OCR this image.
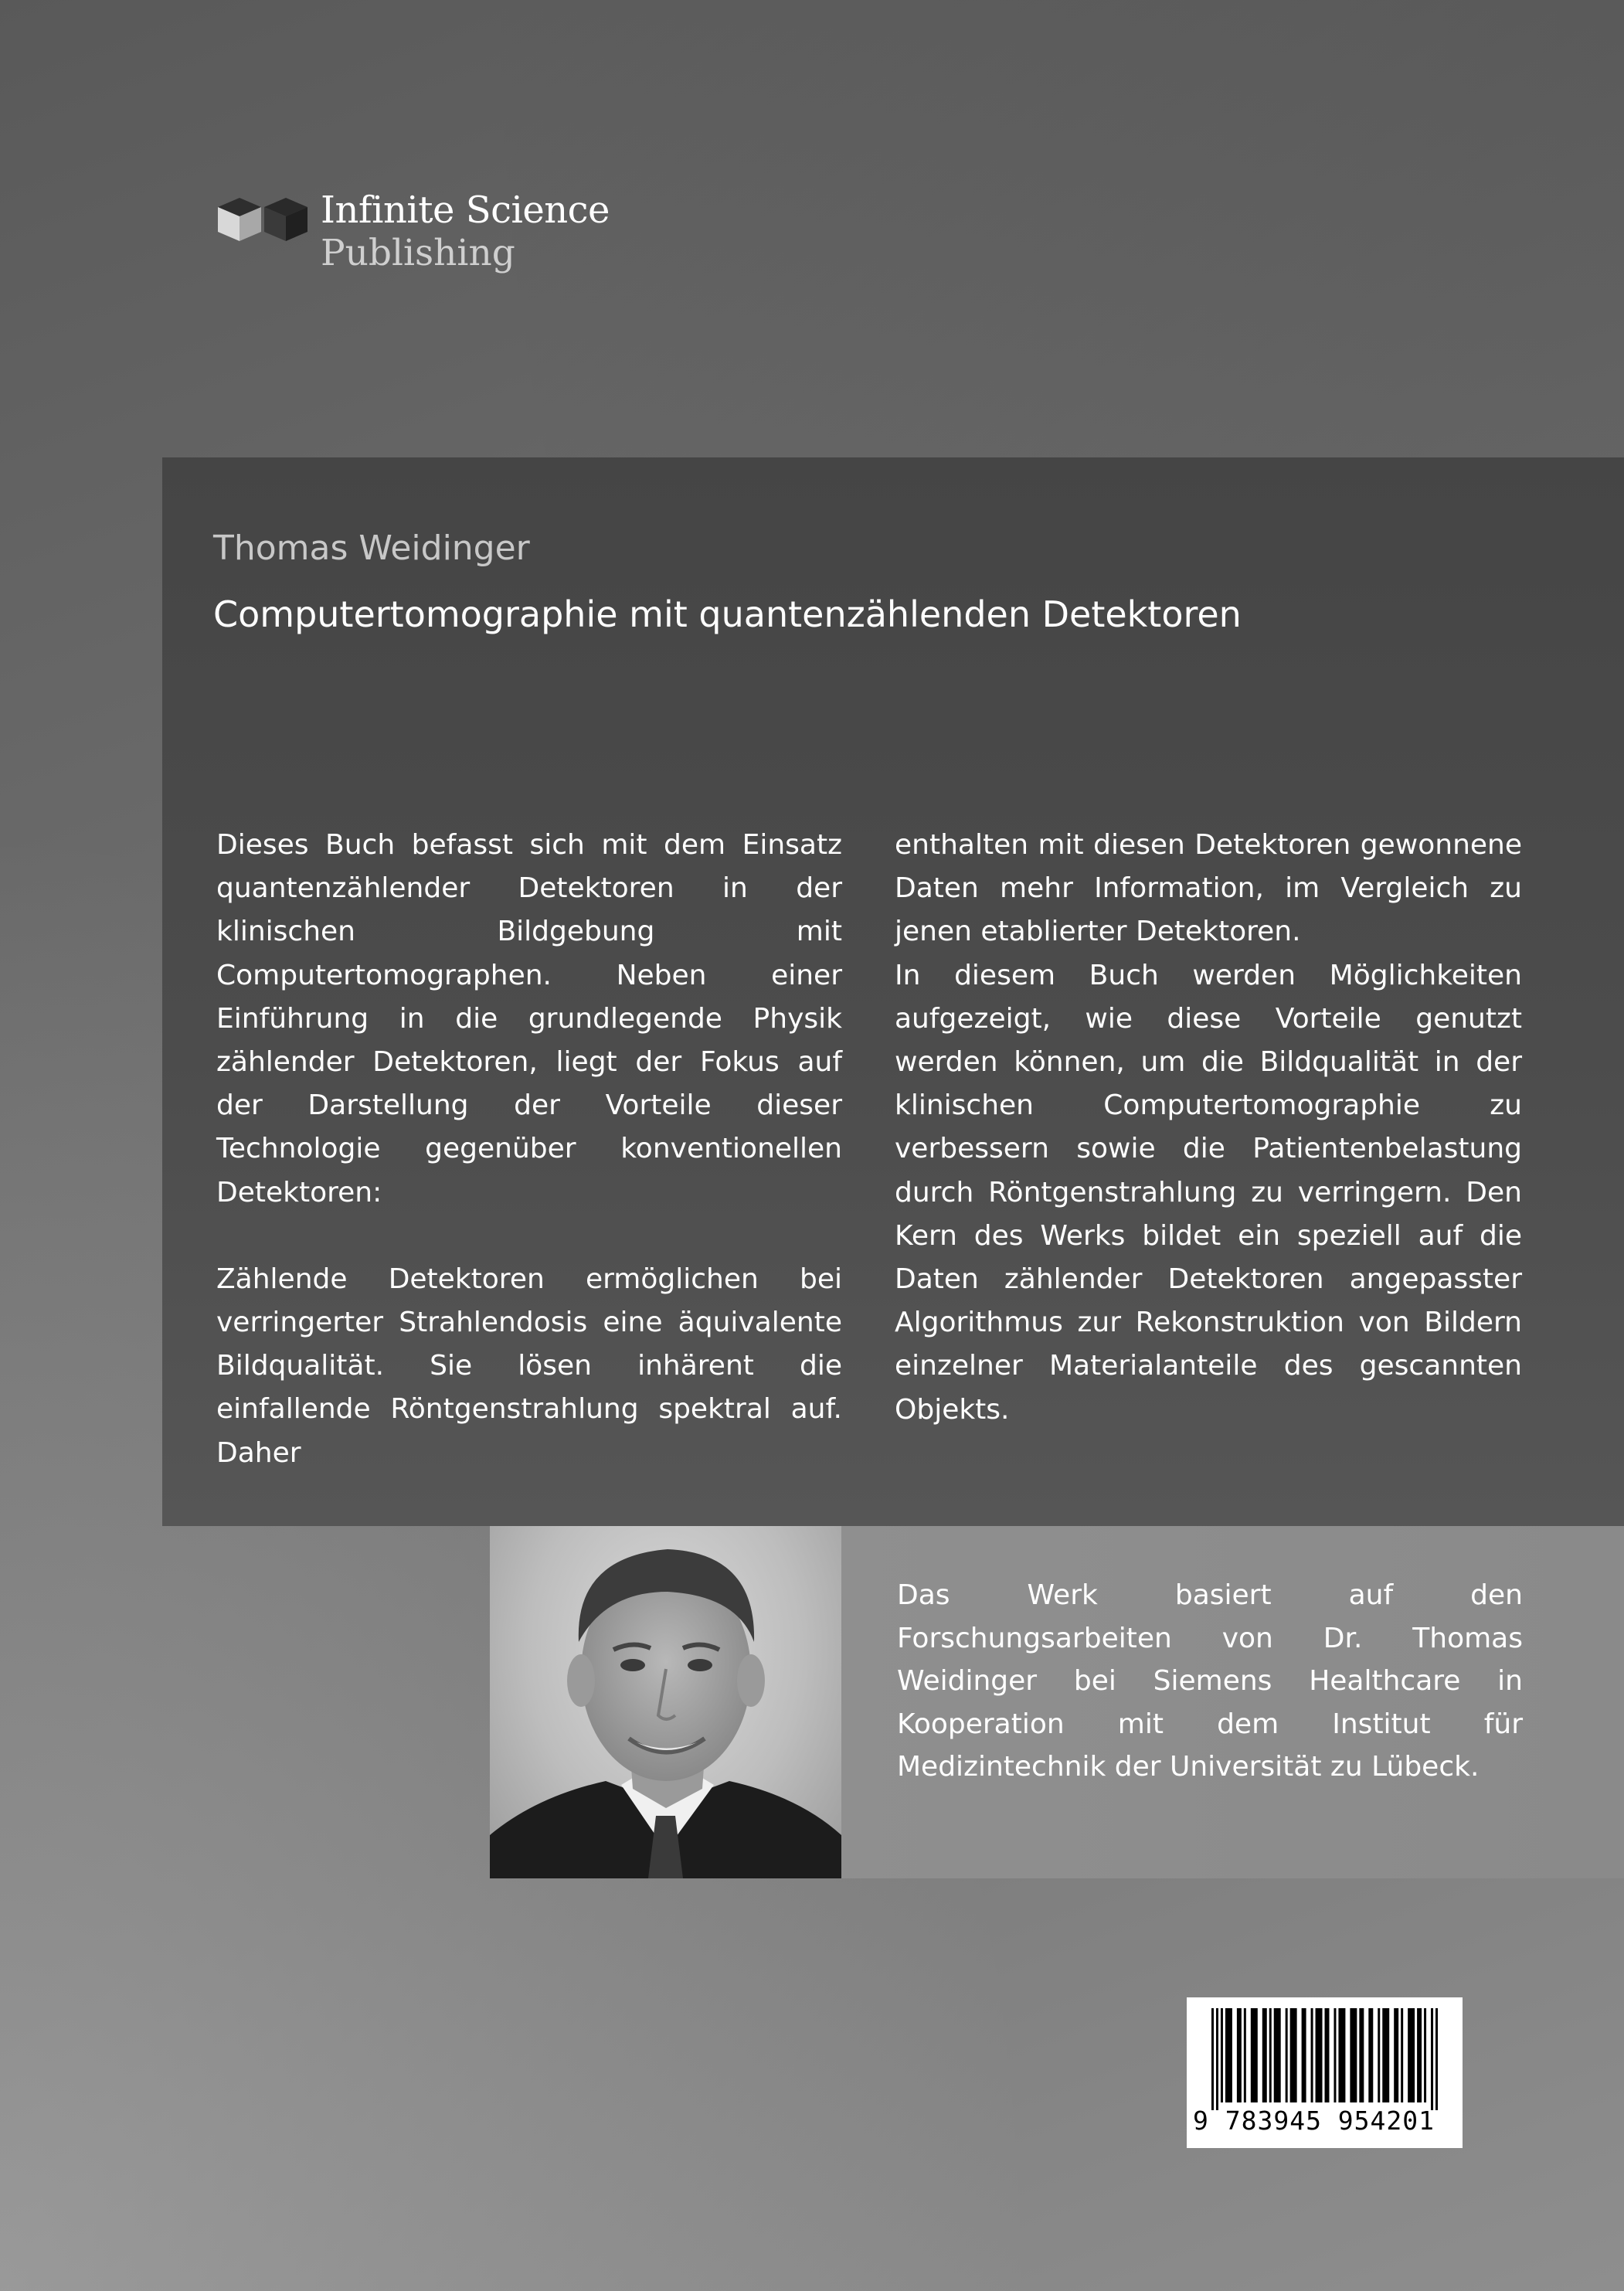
Infinite Science
Publishing
Thomas Weidinger
Computertomographie mit quantenzählenden Detektoren

Dieses Buch befasst sich mit dem Einsatz quantenzählender Detektoren in der klinischen Bildgebung mit Computertomographen. Neben einer Einführung in die grundlegende Physik zählender Detektoren, liegt der Fokus auf der Darstellung der Vorteile dieser Technologie gegenüber konventionellen Detektoren:

Zählende Detektoren ermöglichen bei verringerter Strahlendosis eine äquivalente Bildqualität. Sie lösen inhärent die einfallende Röntgenstrahlung spektral auf. Daher

enthalten mit diesen Detektoren gewonnene Daten mehr Information, im Vergleich zu jenen etablierter Detektoren.

In diesem Buch werden Möglichkeiten aufgezeigt, wie diese Vorteile genutzt werden können, um die Bildqualität in der klinischen Computertomographie zu verbessern sowie die Patientenbelastung durch Röntgenstrahlung zu verringern. Den Kern des Werks bildet ein speziell auf die Daten zählender Detektoren angepasster Algorithmus zur Rekonstruktion von Bildern einzelner Materialanteile des gescannten Objekts.

Das Werk basiert auf den Forschungsarbeiten von Dr. Thomas Weidinger bei Siemens Healthcare in Kooperation mit dem Institut für Medizintechnik der Universität zu Lübeck.

9 783945 954201
